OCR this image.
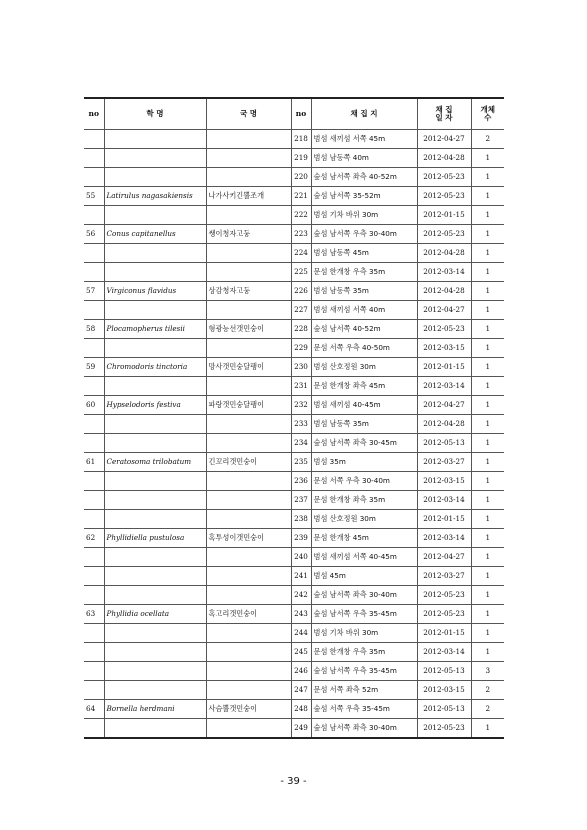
no	학 명	국 명	no	채 집 지	채 집
일 자	개체
수
			218	범섬 새끼섬 서쪽 45m	2012-04-27	2
			219	범섬 남동쪽 40m	2012-04-28	1
			220	숲섬 남서쪽 좌측 40-52m	2012-05-23	1
55	Latirulus nagasakiensis	나가사키긴뿔조개	221	숲섬 남서쪽 35-52m	2012-05-23	1
			222	범섬 기차 바위 30m	2012-01-15	1
56	Conus capitanellus	쌩이청자고둥	223	숲섬 남서쪽 우측 30-40m	2012-05-23	1
			224	범섬 남동쪽 45m	2012-04-28	1
			225	문섬 한개창 우측 35m	2012-03-14	1
57	Virgiconus flavidus	상감청자고둥	226	범섬 남동쪽 35m	2012-04-28	1
			227	범섬 새끼섬 서쪽 40m	2012-04-27	1
58	Plocamopherus tilesii	형광능선갯민숭이	228	숲섬 남서쪽 40-52m	2012-05-23	1
			229	문섬 서쪽 우측 40-50m	2012-03-15	1
59	Chromodoris tinctoria	망사갯민숭달팽이	230	범섬 산호정원 30m	2012-01-15	1
			231	문섬 한개창 좌측 45m	2012-03-14	1
60	Hypselodoris festiva	파랑갯민숭달팽이	232	범섬 새끼섬 40-45m	2012-04-27	1
			233	범섬 남동쪽 35m	2012-04-28	1
			234	숲섬 남서쪽 좌측 30-45m	2012-05-13	1
61	Ceratosoma trilobatum	긴꼬리갯민숭이	235	범섬 35m	2012-03-27	1
			236	문섬 서쪽 우측 30-40m	2012-03-15	1
			237	문섬 한개창 좌측 35m	2012-03-14	1
			238	범섬 산호정원 30m	2012-01-15	1
62	Phyllidiella pustulosa	혹투성이갯민숭이	239	문섬 한개창 45m	2012-03-14	1
			240	범섬 새끼섬 서쪽 40-45m	2012-04-27	1
			241	범섬 45m	2012-03-27	1
			242	숲섬 남서쪽 좌측 30-40m	2012-05-23	1
63	Phyllidia ocellata	혹고리갯민숭이	243	숲섬 남서쪽 우측 35-45m	2012-05-23	1
			244	범섬 기차 바위 30m	2012-01-15	1
			245	문섬 한개창 우측 35m	2012-03-14	1
			246	숲섬 남서쪽 우측 35-45m	2012-05-13	3
			247	문섬 서쪽 좌측 52m	2012-03-15	2
64	Bornella herdmani	사슴뿔갯민숭이	248	숲섬 서쪽 우측 35-45m	2012-05-13	2
			249	숲섬 남서쪽 좌측 30-40m	2012-05-23	1
- 39 -
